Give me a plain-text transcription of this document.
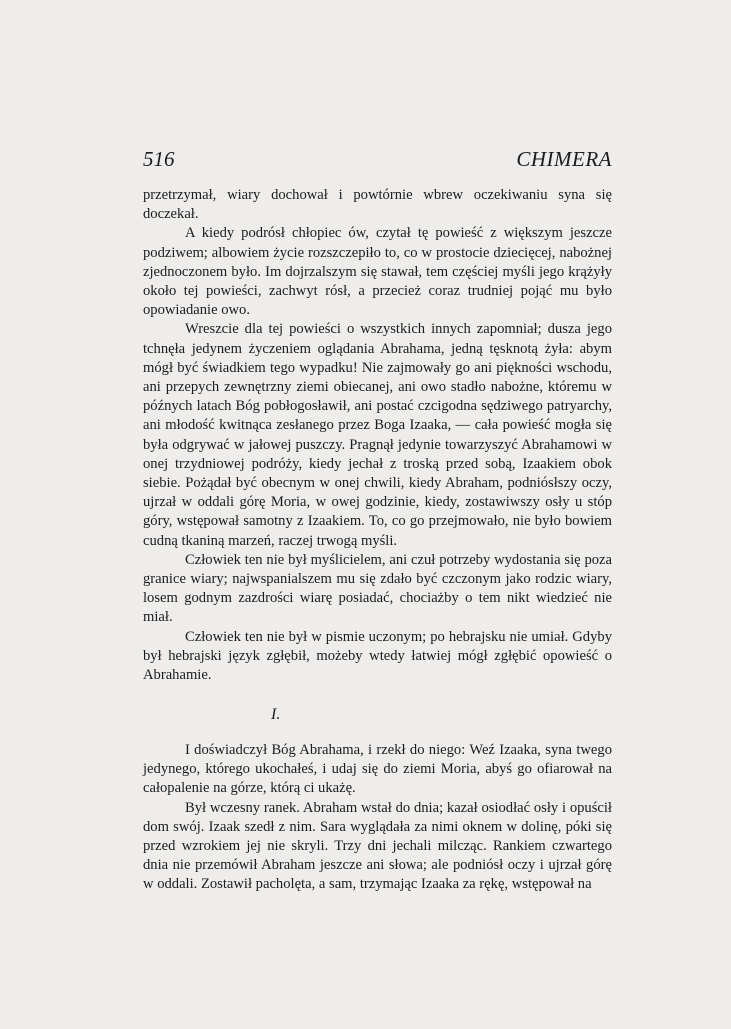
516	CHIMERA

przetrzymał, wiary dochował i powtórnie wbrew oczekiwaniu syna się doczekał.

A kiedy podrósł chłopiec ów, czytał tę powieść z większym jeszcze podziwem; albowiem życie rozszczepiło to, co w prostocie dziecięcej, nabożnej zjednoczonem było. Im dojrzalszym się stawał, tem częściej myśli jego krążyły około tej powieści, zachwyt rósł, a przecież coraz trudniej pojąć mu było opowiadanie owo.

Wreszcie dla tej powieści o wszystkich innych zapomniał; dusza jego tchnęła jedynem życzeniem oglądania Abrahama, jedną tęsknotą żyła: abym mógł być świadkiem tego wypadku! Nie zajmowały go ani piękności wschodu, ani przepych zewnętrzny ziemi obiecanej, ani owo stadło nabożne, któremu w późnych latach Bóg pobłogosławił, ani postać czcigodna sędziwego patryarchy, ani młodość kwitnąca zesłanego przez Boga Izaaka, — cała powieść mogła się była odgrywać w jałowej puszczy. Pragnął jedynie towarzyszyć Abrahamowi w onej trzydniowej podróży, kiedy jechał z troską przed sobą, Izaakiem obok siebie. Pożądał być obecnym w onej chwili, kiedy Abraham, podniósłszy oczy, ujrzał w oddali górę Moria, w owej godzinie, kiedy, zostawiwszy osły u stóp góry, wstępował samotny z Izaakiem. To, co go przejmowało, nie było bowiem cudną tkaniną marzeń, raczej trwogą myśli.

Człowiek ten nie był myślicielem, ani czuł potrzeby wydostania się poza granice wiary; najwspanialszem mu się zdało być czczonym jako rodzic wiary, losem godnym zazdrości wiarę posiadać, chociażby o tem nikt wiedzieć nie miał.

Człowiek ten nie był w pismie uczonym; po hebrajsku nie umiał. Gdyby był hebrajski język zgłębił, możeby wtedy łatwiej mógł zgłębić opowieść o Abrahamie.

I.

I doświadczył Bóg Abrahama, i rzekł do niego: Weź Izaaka, syna twego jedynego, którego ukochałeś, i udaj się do ziemi Moria, abyś go ofiarował na całopalenie na górze, którą ci ukażę.

Był wczesny ranek. Abraham wstał do dnia; kazał osiodłać osły i opuścił dom swój. Izaak szedł z nim. Sara wyglądała za nimi oknem w dolinę, póki się przed wzrokiem jej nie skryli. Trzy dni jechali milcząc. Rankiem czwartego dnia nie przemówił Abraham jeszcze ani słowa; ale podniósł oczy i ujrzał górę w oddali. Zostawił pacholęta, a sam, trzymając Izaaka za rękę, wstępował na
